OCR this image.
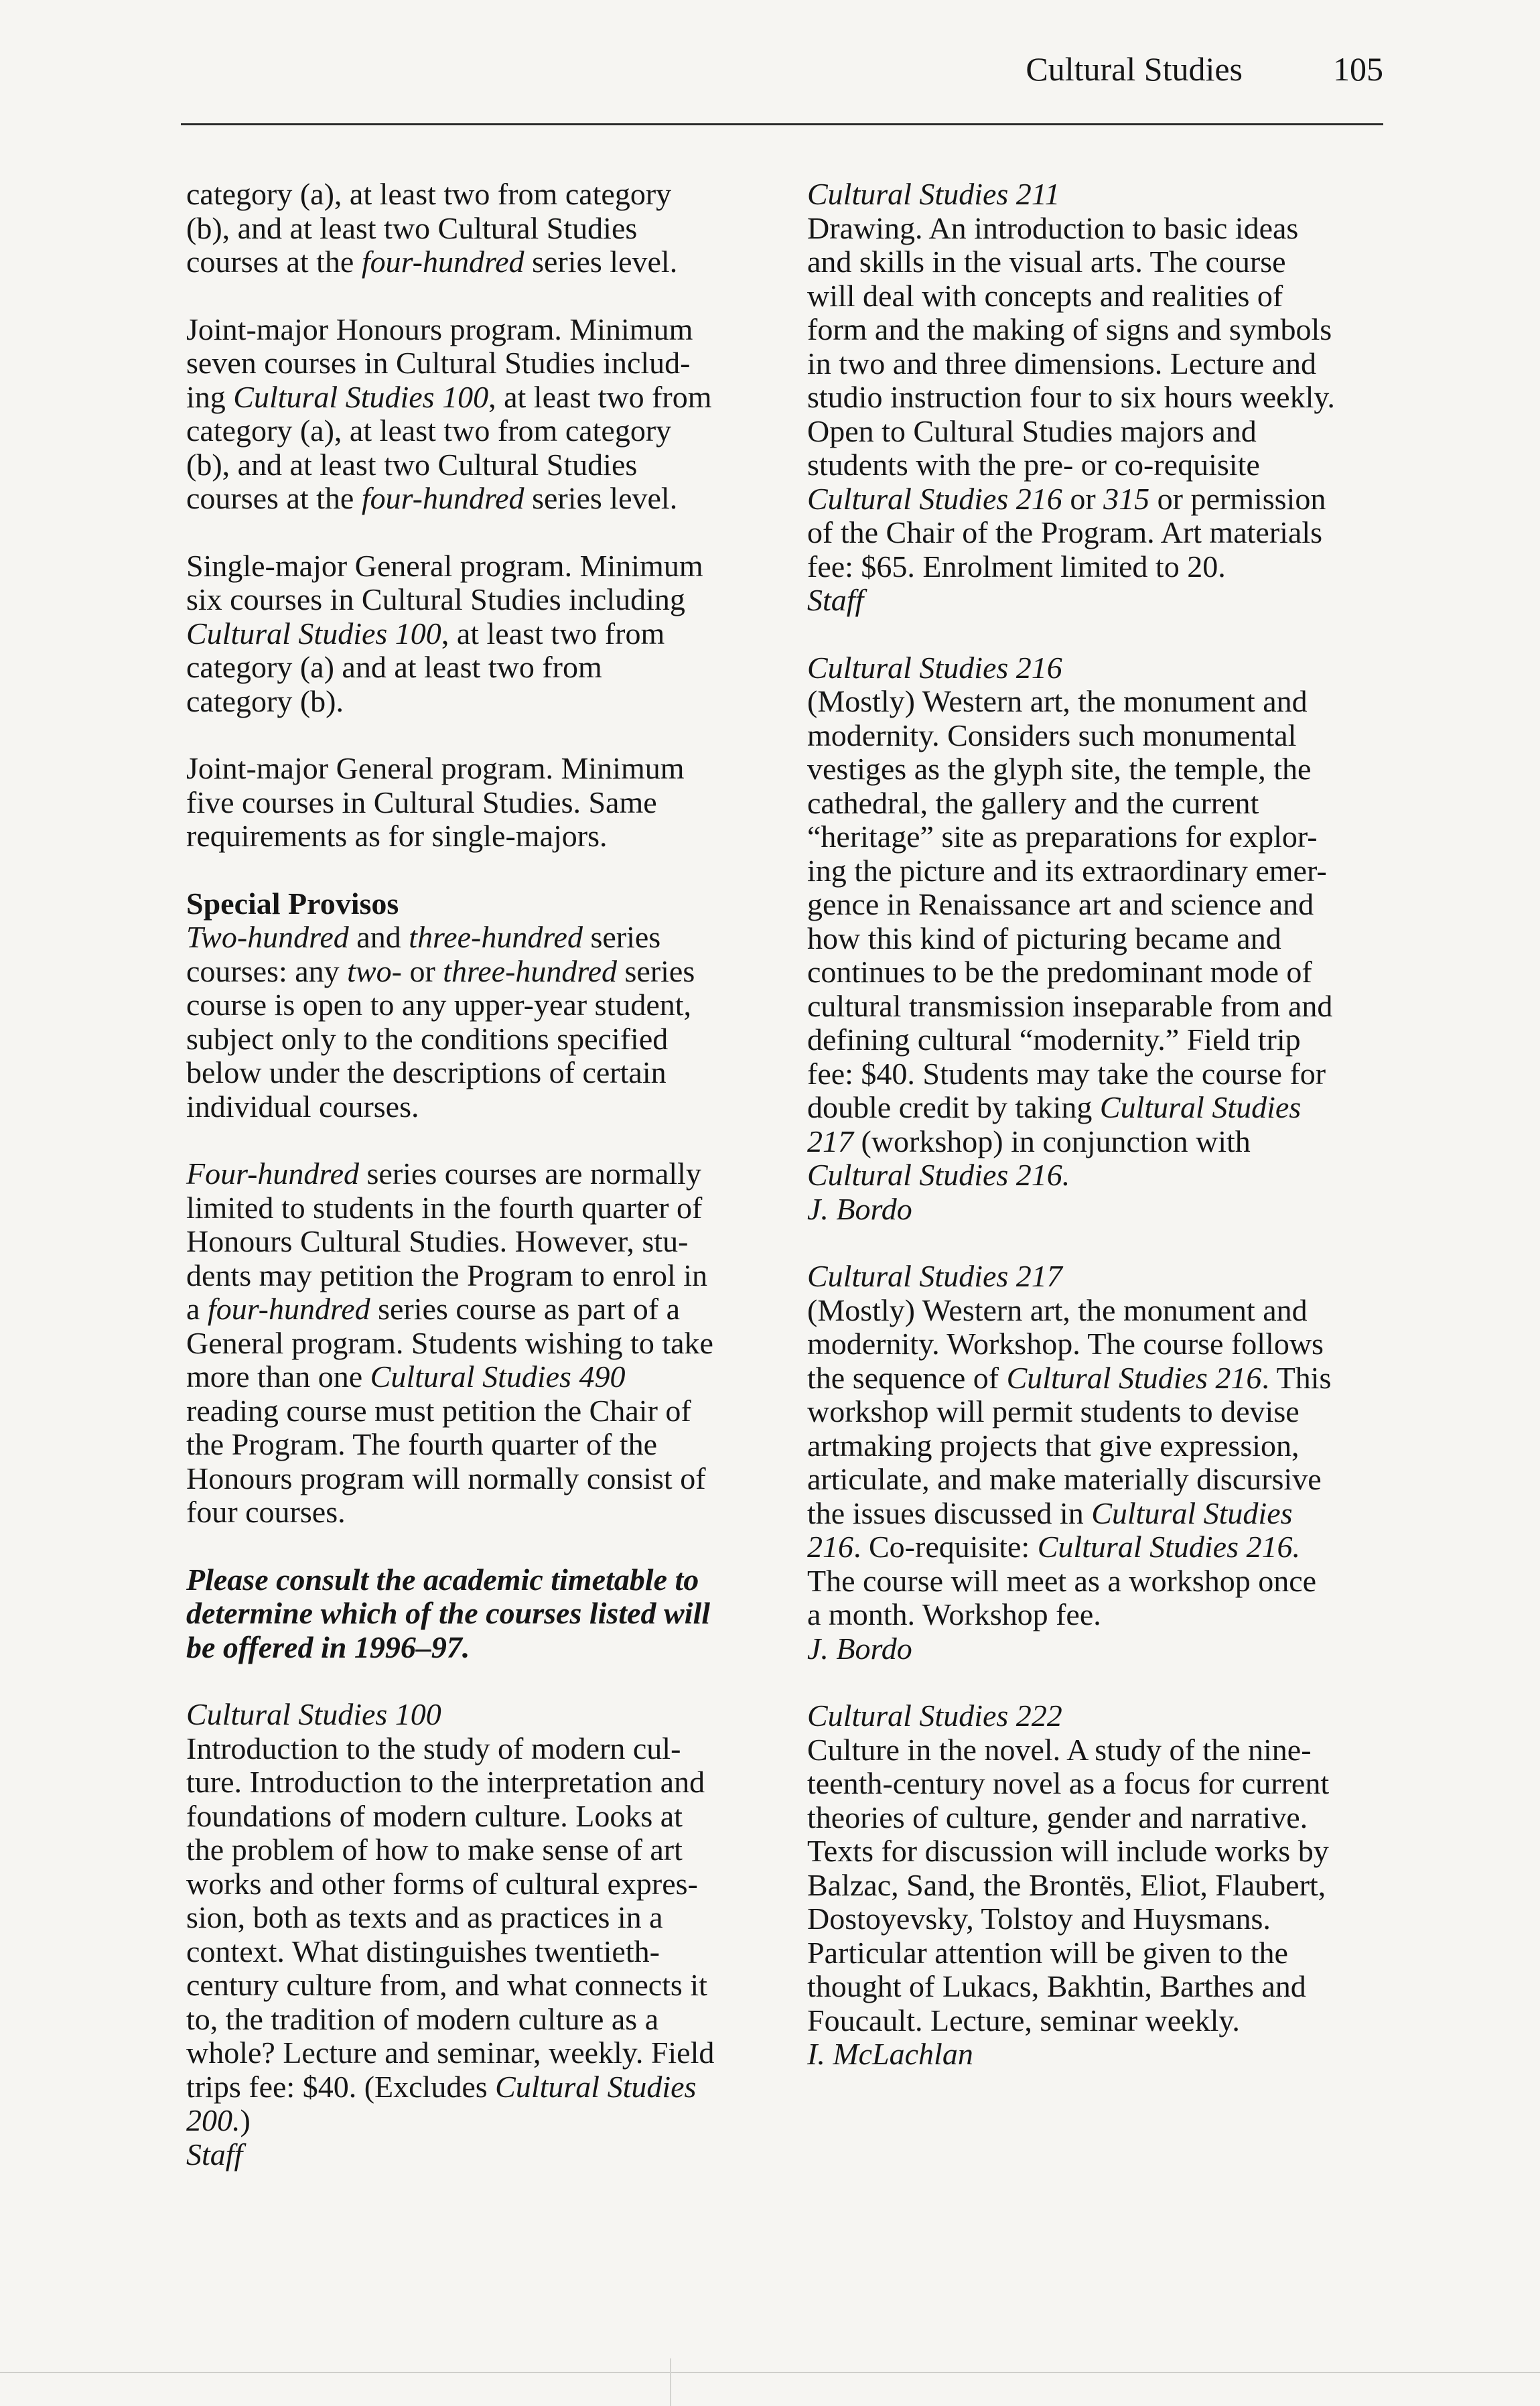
Cultural Studies	105
category (a), at least two from category
(b), and at least two Cultural Studies
courses at the four-hundred series level.
Joint-major Honours program. Minimum
seven courses in Cultural Studies includ-
ing Cultural Studies 100, at least two from
category (a), at least two from category
(b), and at least two Cultural Studies
courses at the four-hundred series level.
Single-major General program. Minimum
six courses in Cultural Studies including
Cultural Studies 100, at least two from
category (a) and at least two from
category (b).
Joint-major General program. Minimum
five courses in Cultural Studies. Same
requirements as for single-majors.
Special Provisos
Two-hundred and three-hundred series
courses: any two- or three-hundred series
course is open to any upper-year student,
subject only to the conditions specified
below under the descriptions of certain
individual courses.
Four-hundred series courses are normally
limited to students in the fourth quarter of
Honours Cultural Studies. However, stu-
dents may petition the Program to enrol in
a four-hundred series course as part of a
General program. Students wishing to take
more than one Cultural Studies 490
reading course must petition the Chair of
the Program. The fourth quarter of the
Honours program will normally consist of
four courses.
Please consult the academic timetable to
determine which of the courses listed will
be offered in 1996–97.
Cultural Studies 100
Introduction to the study of modern cul-
ture. Introduction to the interpretation and
foundations of modern culture. Looks at
the problem of how to make sense of art
works and other forms of cultural expres-
sion, both as texts and as practices in a
context. What distinguishes twentieth-
century culture from, and what connects it
to, the tradition of modern culture as a
whole? Lecture and seminar, weekly. Field
trips fee: $40. (Excludes Cultural Studies
200.)
Staff
Cultural Studies 211
Drawing. An introduction to basic ideas
and skills in the visual arts. The course
will deal with concepts and realities of
form and the making of signs and symbols
in two and three dimensions. Lecture and
studio instruction four to six hours weekly.
Open to Cultural Studies majors and
students with the pre- or co-requisite
Cultural Studies 216 or 315 or permission
of the Chair of the Program. Art materials
fee: $65. Enrolment limited to 20.
Staff
Cultural Studies 216
(Mostly) Western art, the monument and
modernity. Considers such monumental
vestiges as the glyph site, the temple, the
cathedral, the gallery and the current
“heritage” site as preparations for explor-
ing the picture and its extraordinary emer-
gence in Renaissance art and science and
how this kind of picturing became and
continues to be the predominant mode of
cultural transmission inseparable from and
defining cultural “modernity.” Field trip
fee: $40. Students may take the course for
double credit by taking Cultural Studies
217 (workshop) in conjunction with
Cultural Studies 216.
J. Bordo
Cultural Studies 217
(Mostly) Western art, the monument and
modernity. Workshop. The course follows
the sequence of Cultural Studies 216. This
workshop will permit students to devise
artmaking projects that give expression,
articulate, and make materially discursive
the issues discussed in Cultural Studies
216. Co-requisite: Cultural Studies 216.
The course will meet as a workshop once
a month. Workshop fee.
J. Bordo
Cultural Studies 222
Culture in the novel. A study of the nine-
teenth-century novel as a focus for current
theories of culture, gender and narrative.
Texts for discussion will include works by
Balzac, Sand, the Brontës, Eliot, Flaubert,
Dostoyevsky, Tolstoy and Huysmans.
Particular attention will be given to the
thought of Lukacs, Bakhtin, Barthes and
Foucault. Lecture, seminar weekly.
I. McLachlan
